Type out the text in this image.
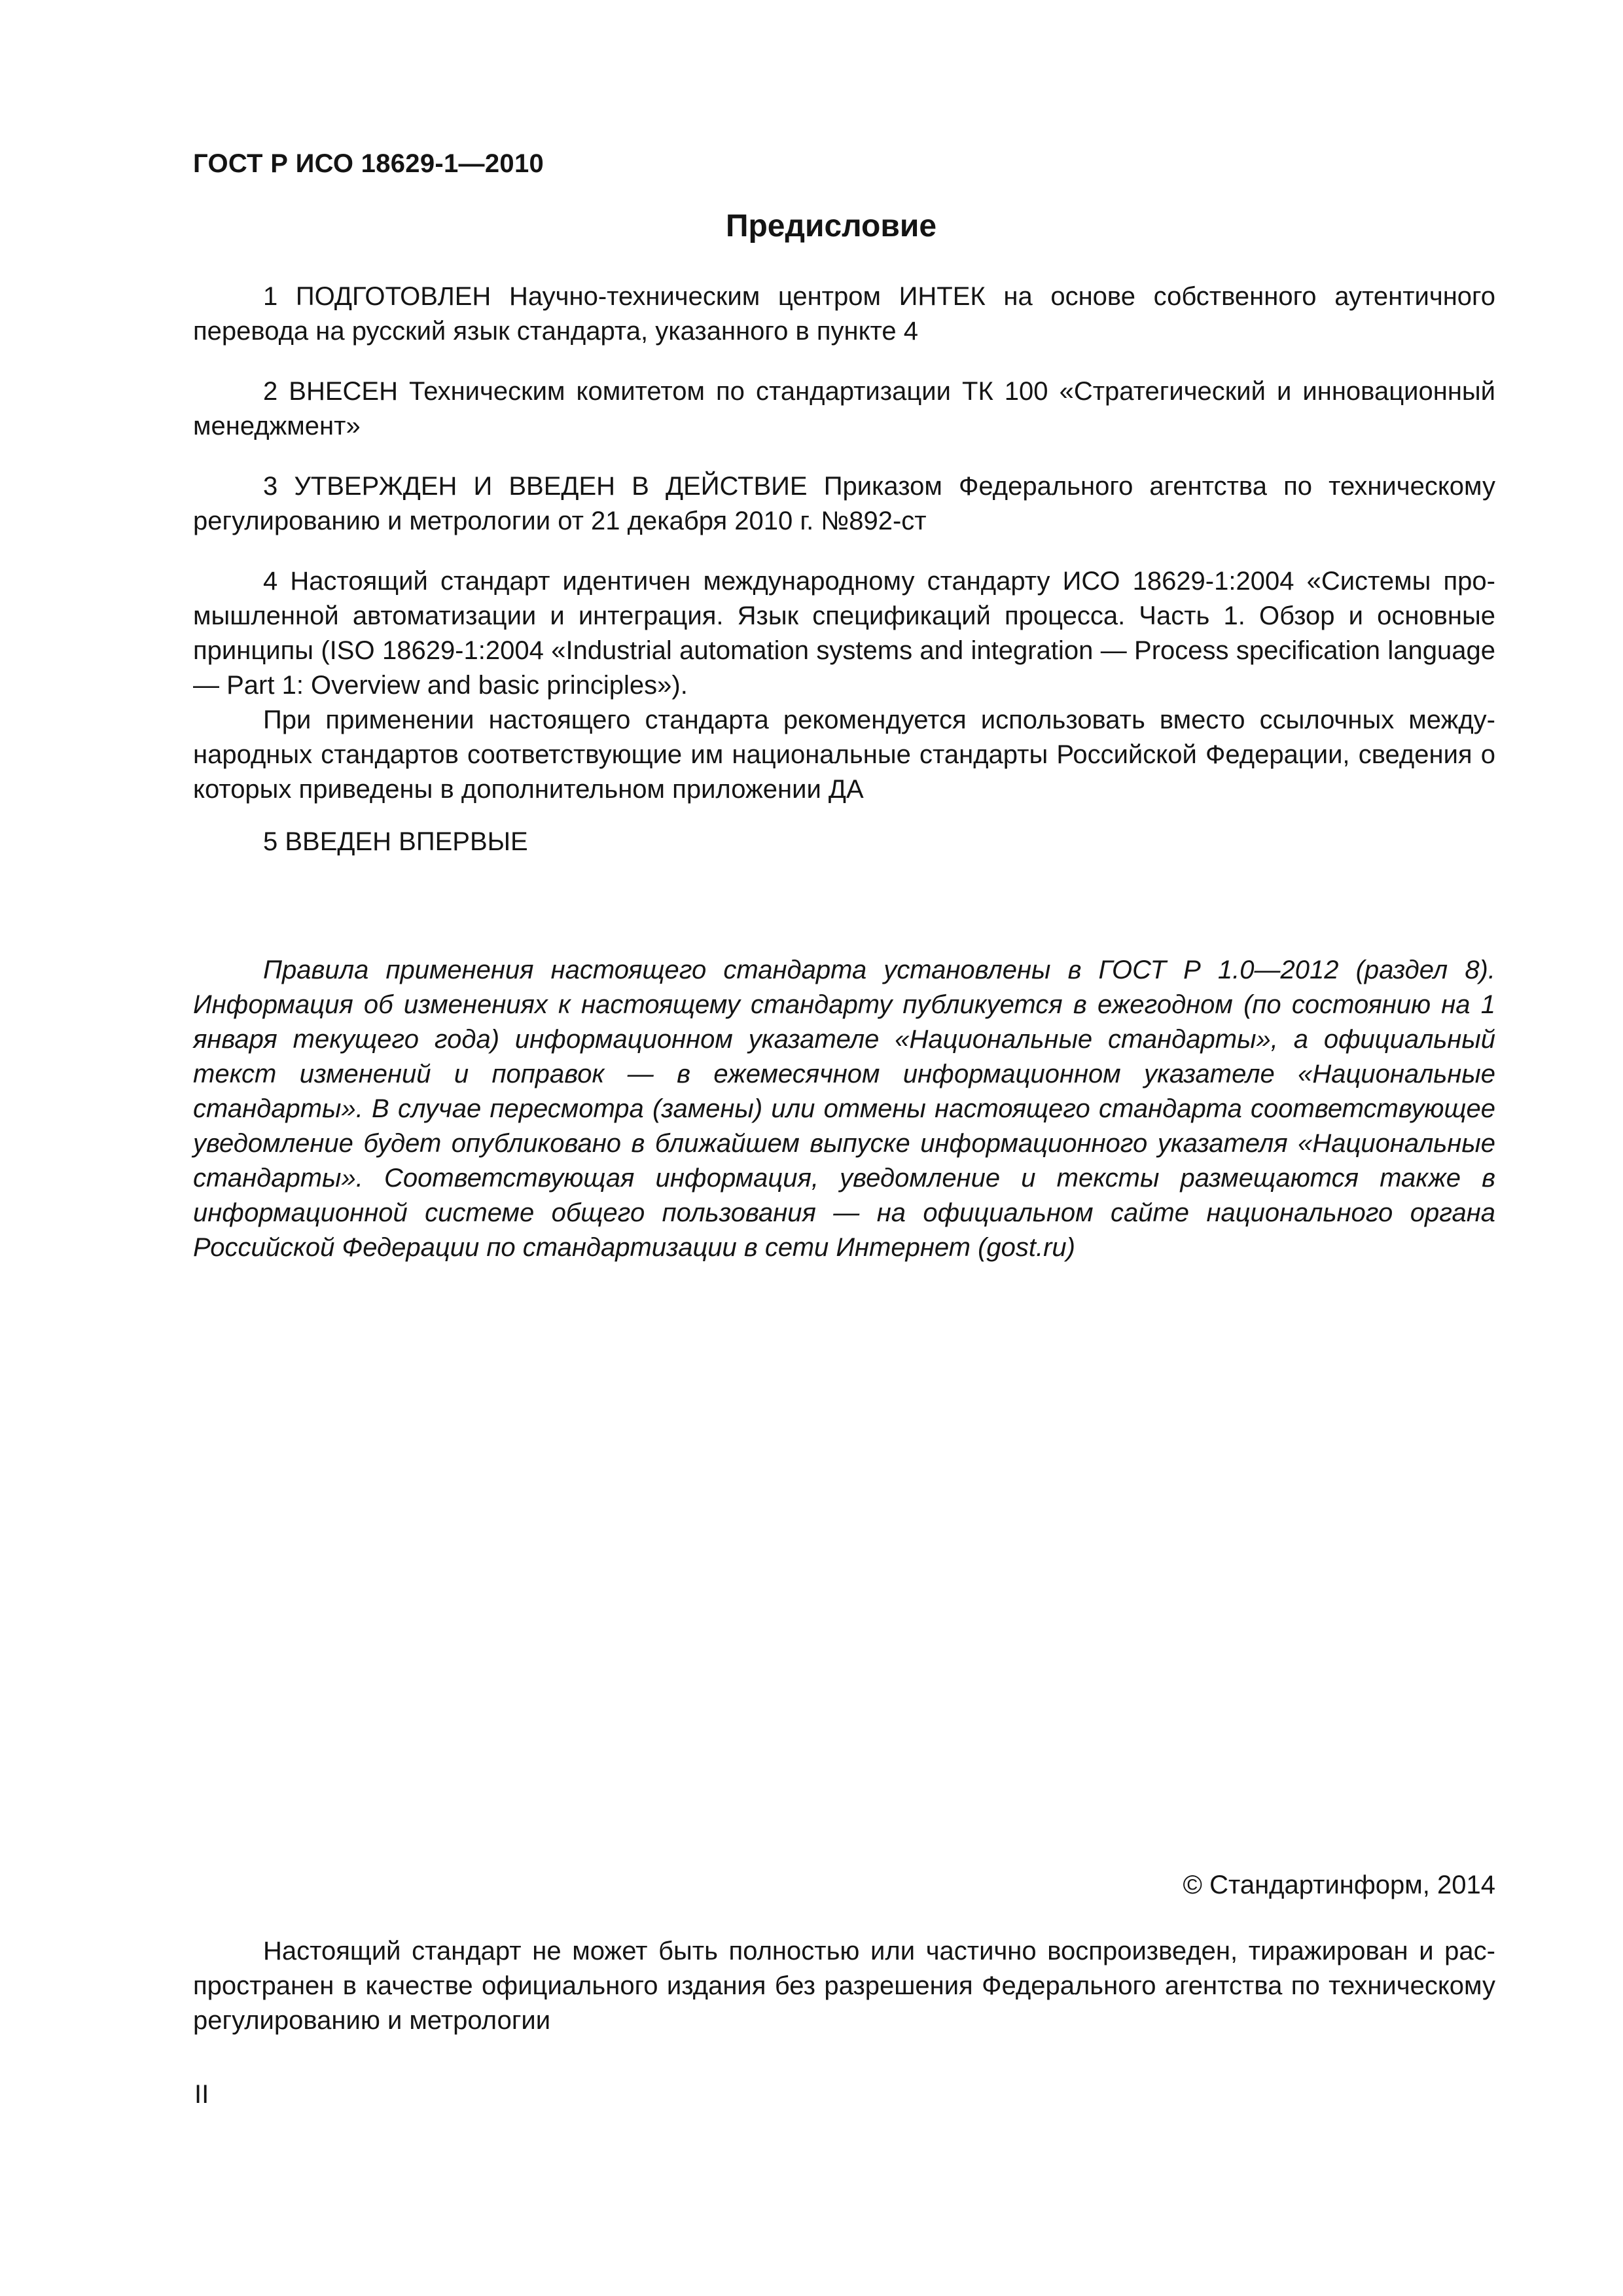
ГОСТ Р ИСО 18629-1—2010
Предисловие

1 ПОДГОТОВЛЕН Научно-техническим центром ИНТЕК на основе собственного аутентичного перевода на русский язык стандарта, указанного в пункте 4

2 ВНЕСЕН Техническим комитетом по стандартизации ТК 100 «Стратегический и инновационный менеджмент»

3 УТВЕРЖДЕН И ВВЕДЕН В ДЕЙСТВИЕ Приказом Федерального агентства по техническому регулированию и метрологии от 21 декабря 2010 г. №892-ст

4 Настоящий стандарт идентичен международному стандарту ИСО 18629-1:2004 «Системы промышленной автоматизации и интеграция. Язык спецификаций процесса. Часть 1. Обзор и основные принципы (ISO 18629-1:2004 «Industrial automation systems and integration — Process specification language — Part 1: Overview and basic principles»).

При применении настоящего стандарта рекомендуется использовать вместо ссылочных международных стандартов соответствующие им национальные стандарты Российской Федерации, сведения о которых приведены в дополнительном приложении ДА

5 ВВЕДЕН ВПЕРВЫЕ

Правила применения настоящего стандарта установлены в ГОСТ Р 1.0—2012 (раздел 8). Информация об изменениях к настоящему стандарту публикуется в ежегодном (по состоянию на 1 января текущего года) информационном указателе «Национальные стандарты», а официальный текст изменений и поправок — в ежемесячном информационном указателе «Национальные стандарты». В случае пересмотра (замены) или отмены настоящего стандарта соответствующее уведомление будет опубликовано в ближайшем выпуске информационного указателя «Национальные стандарты». Соответствующая информация, уведомление и тексты размещаются также в информационной системе общего пользования — на официальном сайте национального органа Российской Федерации по стандартизации в сети Интернет (gost.ru)

© Стандартинформ, 2014

Настоящий стандарт не может быть полностью или частично воспроизведен, тиражирован и распространен в качестве официального издания без разрешения Федерального агентства по техническому регулированию и метрологии

II
